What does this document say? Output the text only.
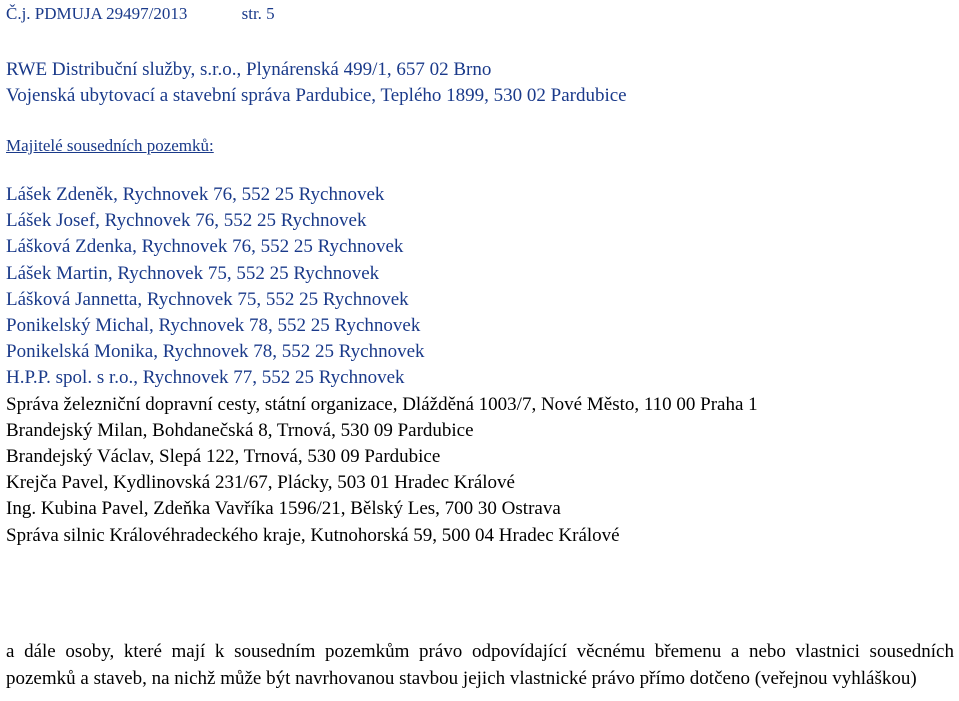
Č.j. PDMUJA 29497/2013	str. 5
RWE Distribuční služby, s.r.o., Plynárenská 499/1, 657 02 Brno
Vojenská ubytovací a stavební správa Pardubice, Teplého 1899, 530 02 Pardubice
Majitelé sousedních pozemků:
Lášek Zdeněk, Rychnovek 76, 552 25 Rychnovek
Lášek Josef, Rychnovek 76, 552 25 Rychnovek
Lášková Zdenka, Rychnovek 76, 552 25 Rychnovek
Lášek Martin, Rychnovek 75, 552 25 Rychnovek
Lášková Jannetta, Rychnovek 75, 552 25 Rychnovek
Ponikelský Michal, Rychnovek 78, 552 25 Rychnovek
Ponikelská Monika, Rychnovek 78, 552 25 Rychnovek
H.P.P. spol. s r.o., Rychnovek 77, 552 25 Rychnovek
Správa železniční dopravní cesty, státní organizace, Dlážděná 1003/7, Nové Město, 110 00 Praha 1
Brandejský Milan, Bohdanečská 8, Trnová, 530 09 Pardubice
Brandejský Václav, Slepá 122, Trnová, 530 09 Pardubice
Krejča Pavel, Kydlinovská 231/67, Plácky, 503 01 Hradec Králové
Ing. Kubina Pavel, Zdeňka Vavříka 1596/21, Bělský Les, 700 30 Ostrava
Správa silnic Královéhradeckého kraje, Kutnohorská 59, 500 04 Hradec Králové

a dále osoby, které mají k sousedním pozemkům právo odpovídající věcnému břemenu a nebo vlastnici sousedních pozemků a staveb, na nichž může být navrhovanou stavbou jejich vlastnické právo přímo dotčeno (veřejnou vyhláškou)
